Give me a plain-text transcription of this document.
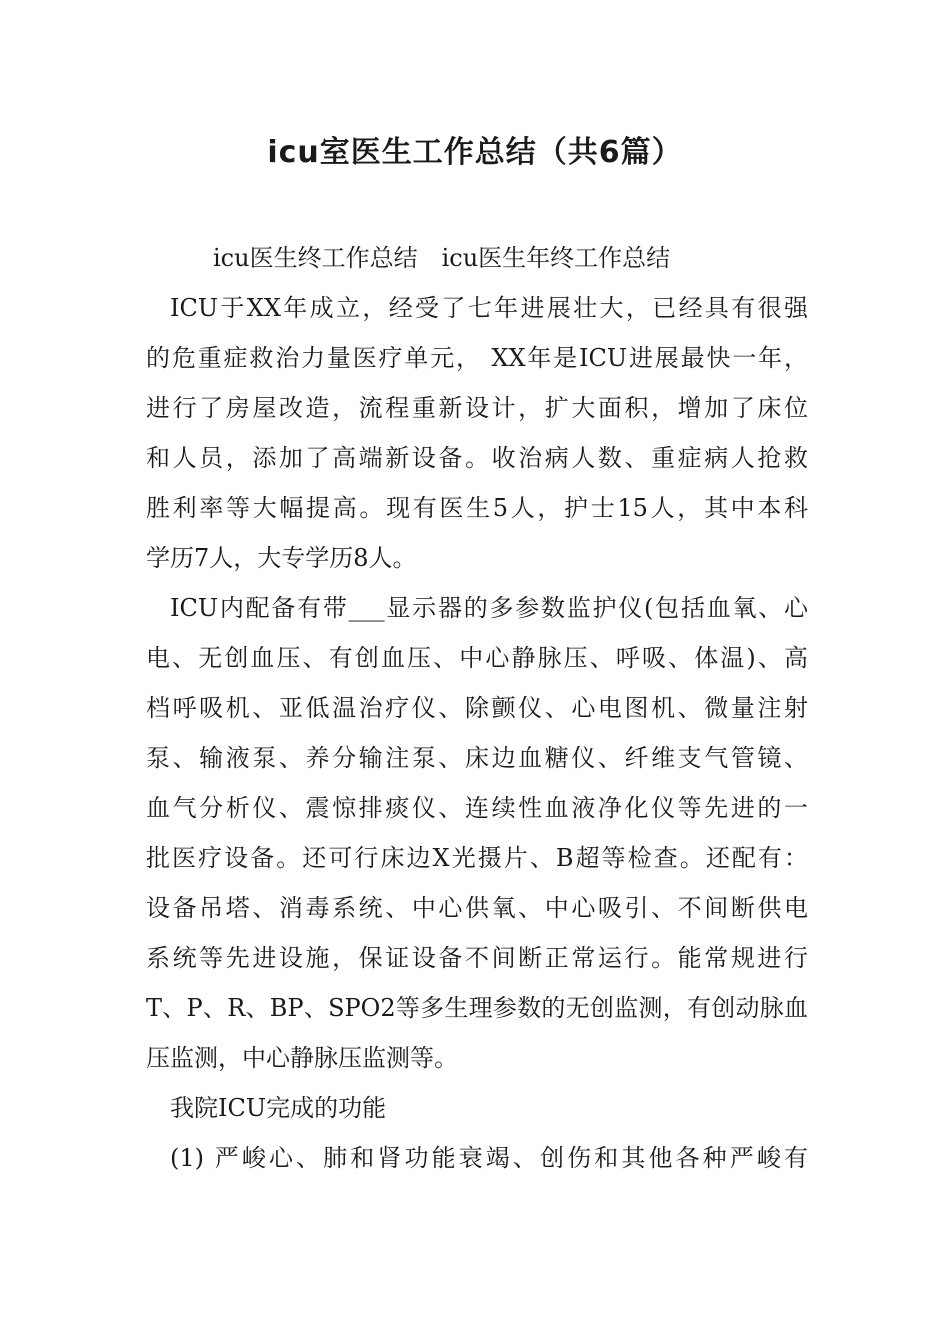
icu室医生工作总结（共6篇）
icu医生终工作总结　icu医生年终工作总结
ICU于XX年成立，经受了七年进展壮大，已经具有很强
的危重症救治力量医疗单元， XX年是ICU进展最快一年，
进行了房屋改造，流程重新设计，扩大面积，增加了床位
和人员，添加了高端新设备。收治病人数、重症病人抢救
胜利率等大幅提高。现有医生5人，护士15人，其中本科
学历7人，大专学历8人。
ICU内配备有带___显示器的多参数监护仪(包括血氧、心
电、无创血压、有创血压、中心静脉压、呼吸、体温)、高
档呼吸机、亚低温治疗仪、除颤仪、心电图机、微量注射
泵、输液泵、养分输注泵、床边血糖仪、纤维支气管镜、
血气分析仪、震惊排痰仪、连续性血液净化仪等先进的一
批医疗设备。还可行床边X光摄片、B超等检查。还配有：
设备吊塔、消毒系统、中心供氧、中心吸引、不间断供电
系统等先进设施，保证设备不间断正常运行。能常规进行
T、P、R、BP、SPO2等多生理参数的无创监测，有创动脉血
压监测，中心静脉压监测等。
我院ICU完成的功能
(1) 严峻心、肺和肾功能衰竭、创伤和其他各种严峻有
